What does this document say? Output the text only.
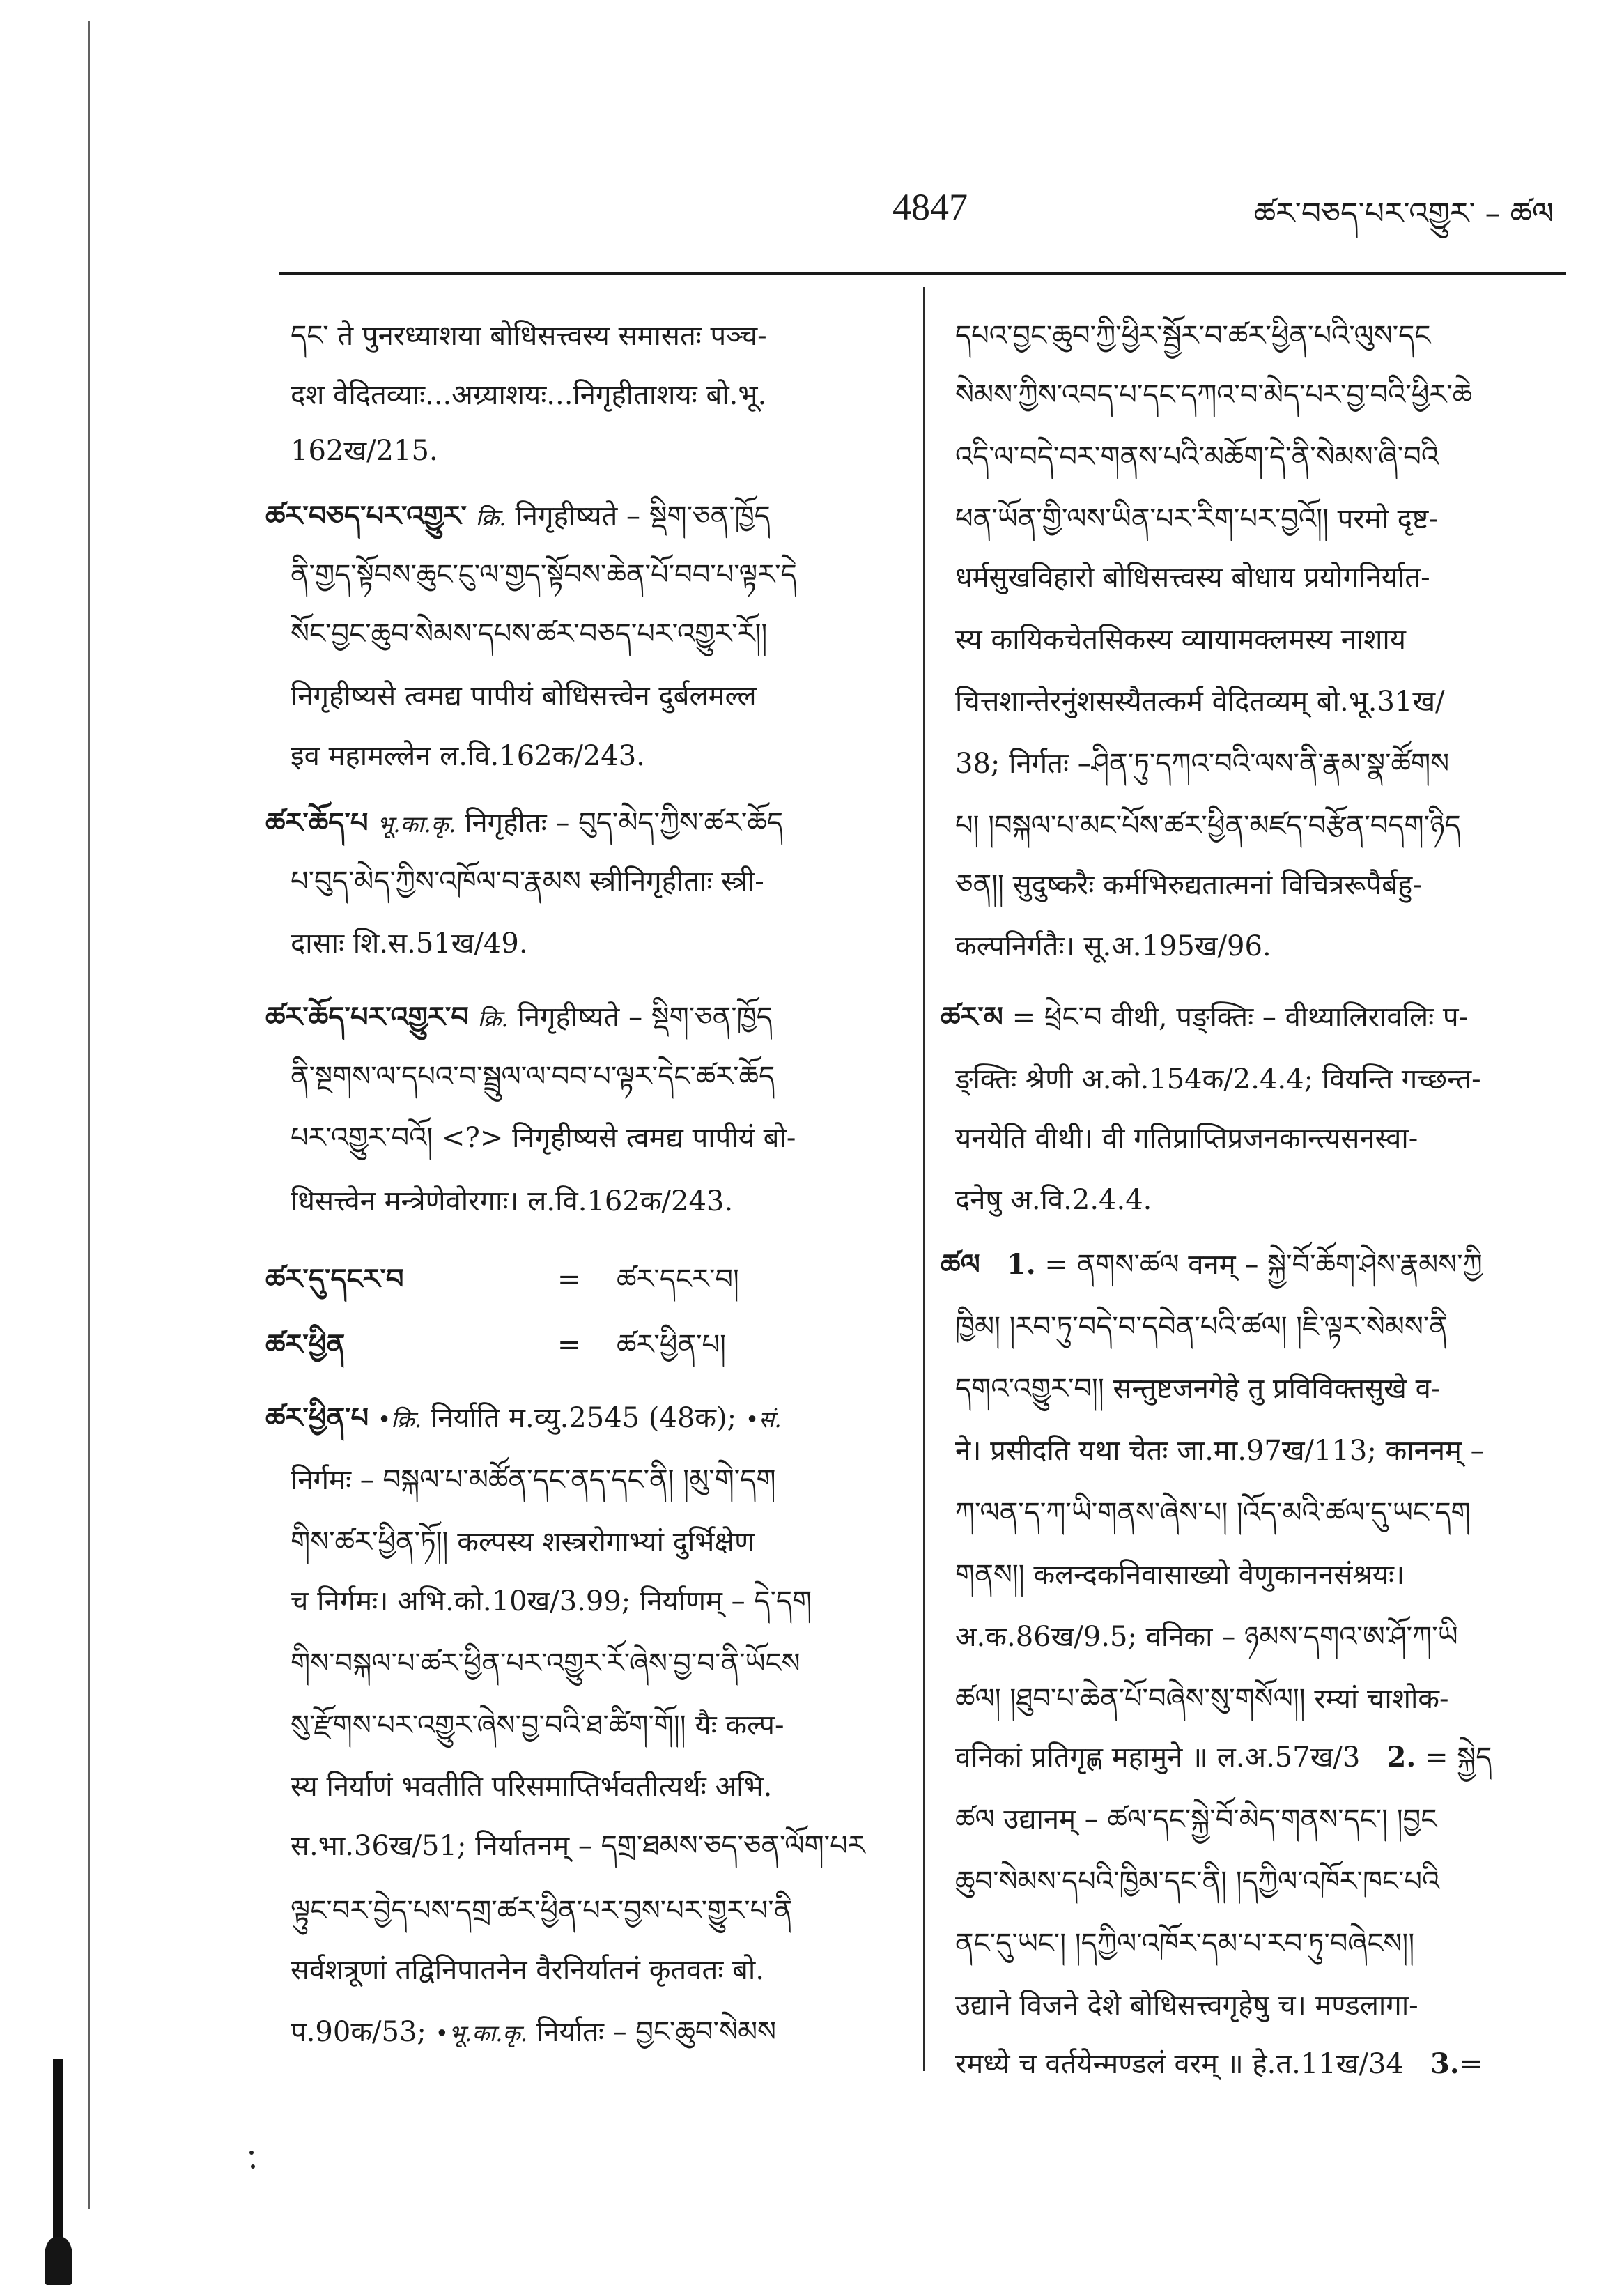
4847	ཚར་བཅད་པར་འགྱུར་ – ཚལ
དང་ ते पुनरध्याशया बोधिसत्त्वस्य समासतः पञ्च-
दश वेदितव्याः...अग्र्याशयः...निगृहीताशयः बो.भू.
162ख/215.
ཚར་བཅད་པར་འགྱུར་ क्रि. निगृहीष्यते – སྡིག་ཅན་ཁྱོད
ནི་གྱད་སྟོབས་ཆུང་ངུ་ལ་གྱད་སྟོབས་ཆེན་པོ་བབ་པ་ལྟར་དེ
སོང་བྱང་ཆུབ་སེམས་དཔས་ཚར་བཅད་པར་འགྱུར་རོ།།
निगृहीष्यसे त्वमद्य पापीयं बोधिसत्त्वेन दुर्बलमल्ल
इव महामल्लेन ल.वि.162क/243.
ཚར་ཆོད་པ भू.का.कृ. निगृहीतः – བུད་མེད་ཀྱིས་ཚར་ཆོད
པ་བུད་མེད་ཀྱིས་འཁོལ་བ་རྣམས स्त्रीनिगृहीताः स्त्री-
दासाः शि.स.51ख/49.
ཚར་ཆོད་པར་འགྱུར་བ क्रि. निगृहीष्यते – སྡིག་ཅན་ཁྱོད
ནི་སྔགས་ལ་དཔའ་བ་སྦྲུལ་ལ་བབ་པ་ལྟར་དེང་ཚར་ཆོད
པར་འགྱུར་བའོ། <?> निगृहीष्यसे त्वमद्य पापीयं बो-
धिसत्त्वेन मन्त्रेणेवोरगाः। ल.वि.162क/243.
ཚར་དུ་དངར་བ	= ཚར་དངར་བ།
ཚར་ཕྱིན	= ཚར་ཕྱིན་པ།
ཚར་ཕྱིན་པ •क्रि. निर्याति म.व्यु.2545 (48क); •सं.
निर्गमः – བསྐལ་པ་མཚོན་དང་ནད་དང་ནི། །མུ་གེ་དག
གིས་ཚར་ཕྱིན་ཏོ།། कल्पस्य शस्त्ररोगाभ्यां दुर्भिक्षेण
च निर्गमः। अभि.को.10ख/3.99; निर्याणम् – དེ་དག
གིས་བསྐལ་པ་ཚར་ཕྱིན་པར་འགྱུར་རོ་ཞེས་བྱ་བ་ནི་ཡོངས
སུ་རྫོགས་པར་འགྱུར་ཞེས་བྱ་བའི་ཐ་ཚིག་གོ།། यैः कल्प-
स्य निर्याणं भवतीति परिसमाप्तिर्भवतीत्यर्थः अभि.
स.भा.36ख/51; निर्यातनम् – དགྲ་ཐམས་ཅད་ཅན་ལོག་པར
ལྟུང་བར་བྱེད་པས་དགྲ་ཚར་ཕྱིན་པར་བྱས་པར་གྱུར་པ་ནི
सर्वशत्रूणां तद्विनिपातनेन वैरनिर्यातनं कृतवतः बो.
प.90क/53; •भू.का.कृ. निर्यातः – བྱང་ཆུབ་སེམས
དཔའ་བྱང་ཆུབ་ཀྱི་ཕྱིར་སྦྱོར་བ་ཚར་ཕྱིན་པའི་ལུས་དང
སེམས་ཀྱིས་འབད་པ་དང་དཀའ་བ་མེད་པར་བྱ་བའི་ཕྱིར་ཆེ
འདི་ལ་བདེ་བར་གནས་པའི་མཆོག་དེ་ནི་སེམས་ཞི་བའི
ཕན་ཡོན་གྱི་ལས་ཡིན་པར་རིག་པར་བྱའོ།། परमो दृष्ट-
धर्मसुखविहारो बोधिसत्त्वस्य बोधाय प्रयोगनिर्यात-
स्य कायिकचेतसिकस्य व्यायामक्लमस्य नाशाय
चित्तशान्तेरनुंशसस्यैतत्कर्म वेदितव्यम् बो.भू.31ख/
38; निर्गतः –ཤིན་ཏུ་དཀའ་བའི་ལས་ནི་རྣམ་སྣ་ཚོགས
པ། །བསྐལ་པ་མང་པོས་ཚར་ཕྱིན་མཛད་བརྩོན་བདག་ཉིད
ཅན།། सुदुष्करैः कर्मभिरुद्यतात्मनां विचित्ररूपैर्बहु-
कल्पनिर्गतैः। सू.अ.195ख/96.
ཚར་མ = ཕྲེང་བ वीथी, पङ्क्तिः – वीथ्यालिरावलिः प-
ङ्क्तिः श्रेणी अ.को.154क/2.4.4; वियन्ति गच्छन्त-
यनयेति वीथी। वी गतिप्राप्तिप्रजनकान्त्यसनस्वा-
दनेषु अ.वि.2.4.4.
ཚལ 1. = ནགས་ཚལ वनम् – སྐྱེ་བོ་ཆོག་ཤེས་རྣམས་ཀྱི
ཁྱིམ། །རབ་ཏུ་བདེ་བ་དབེན་པའི་ཚལ། །ཇི་ལྟར་སེམས་ནི
དགའ་འགྱུར་བ།། सन्तुष्टजनगेहे तु प्रविविक्तसुखे व-
ने। प्रसीदति यथा चेतः जा.मा.97ख/113; काननम् –
ཀ་ལན་ད་ཀ་ཡི་གནས་ཞེས་པ། །འོད་མའི་ཚལ་དུ་ཡང་དག
གནས།། कलन्दकनिवासाख्यो वेणुकाननसंश्रयः।
अ.क.86ख/9.5; वनिका – ཉམས་དགའ་ཨ་ཤོ་ཀ་ཡི
ཚལ། །ཐུབ་པ་ཆེན་པོ་བཞེས་སུ་གསོལ།། रम्यां चाशोक-
वनिकां प्रतिगृह्ण महामुने ॥ ल.अ.57ख/3 2. = སྐྱེད
ཚལ उद्यानम् – ཚལ་དང་སྐྱེ་བོ་མེད་གནས་དང་། །བྱང
ཆུབ་སེམས་དཔའི་ཁྱིམ་དང་ནི། །དཀྱིལ་འཁོར་ཁང་པའི
ནང་དུ་ཡང་། །དཀྱིལ་འཁོར་དམ་པ་རབ་ཏུ་བཞེངས།།
उद्याने विजने देशे बोधिसत्त्वगृहेषु च। मण्डलागा-
रमध्ये च वर्तयेन्मण्डलं वरम् ॥ हे.त.11ख/34 3.=
